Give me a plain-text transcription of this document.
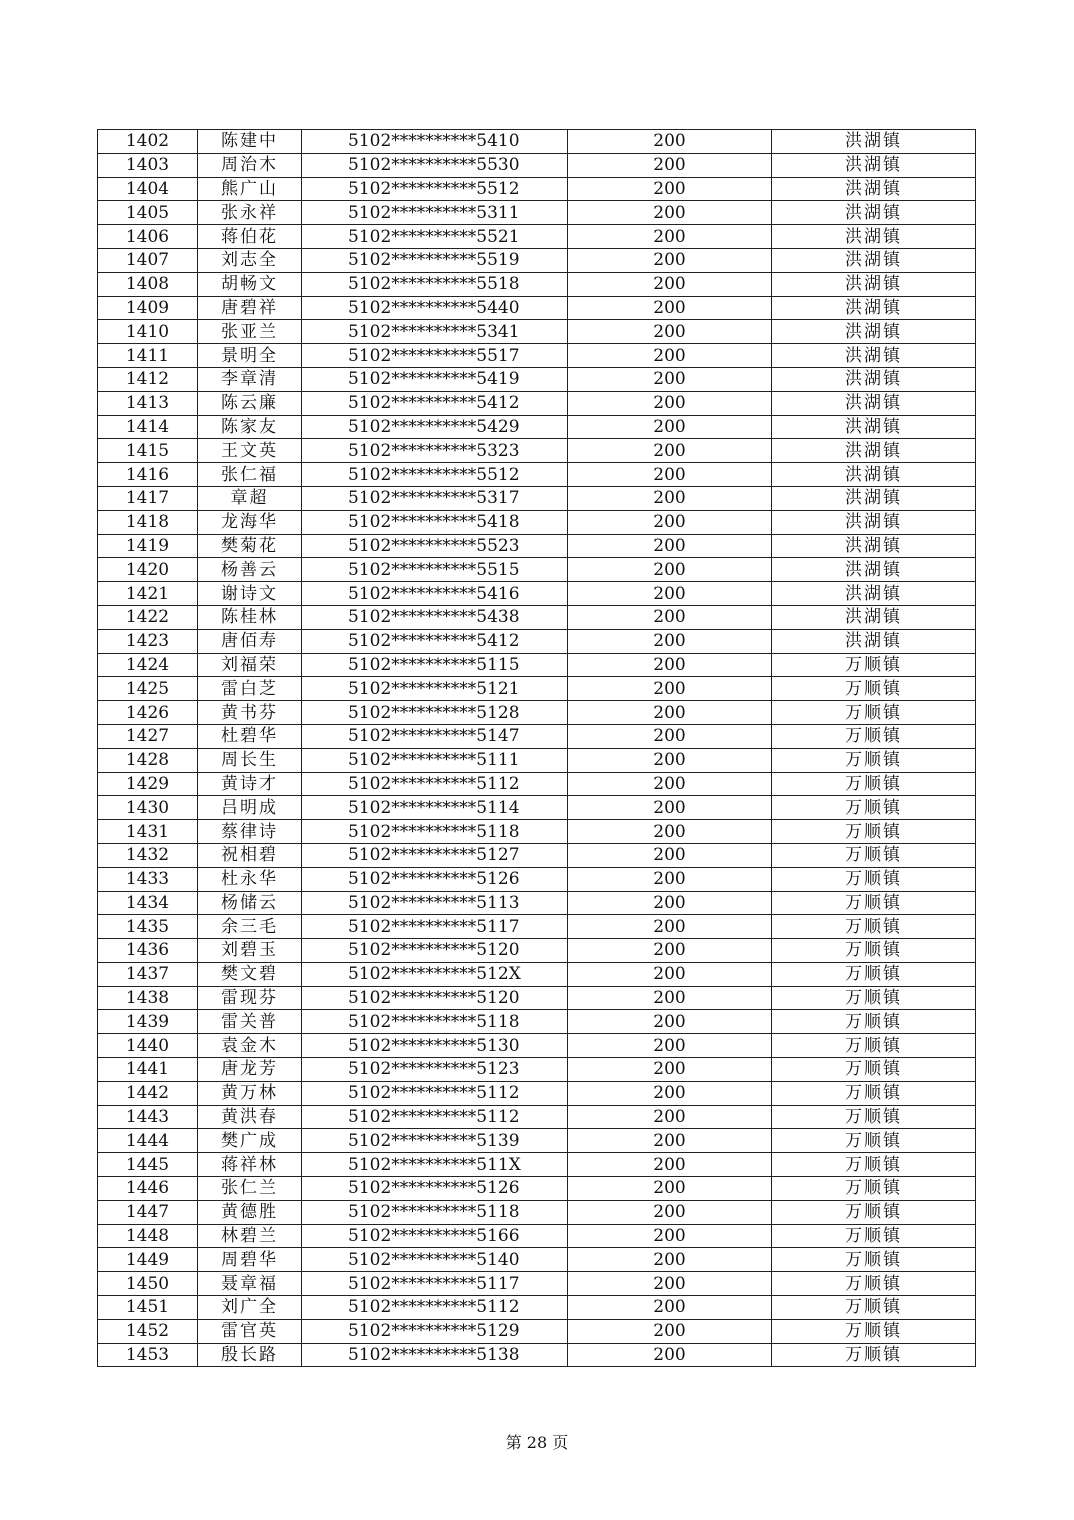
1402	陈建中	5102**********5410	200	洪湖镇
1403	周治木	5102**********5530	200	洪湖镇
1404	熊广山	5102**********5512	200	洪湖镇
1405	张永祥	5102**********5311	200	洪湖镇
1406	蒋伯花	5102**********5521	200	洪湖镇
1407	刘志全	5102**********5519	200	洪湖镇
1408	胡畅文	5102**********5518	200	洪湖镇
1409	唐碧祥	5102**********5440	200	洪湖镇
1410	张亚兰	5102**********5341	200	洪湖镇
1411	景明全	5102**********5517	200	洪湖镇
1412	李章清	5102**********5419	200	洪湖镇
1413	陈云廉	5102**********5412	200	洪湖镇
1414	陈家友	5102**********5429	200	洪湖镇
1415	王文英	5102**********5323	200	洪湖镇
1416	张仁福	5102**********5512	200	洪湖镇
1417	章超	5102**********5317	200	洪湖镇
1418	龙海华	5102**********5418	200	洪湖镇
1419	樊菊花	5102**********5523	200	洪湖镇
1420	杨善云	5102**********5515	200	洪湖镇
1421	谢诗文	5102**********5416	200	洪湖镇
1422	陈桂林	5102**********5438	200	洪湖镇
1423	唐佰寿	5102**********5412	200	洪湖镇
1424	刘福荣	5102**********5115	200	万顺镇
1425	雷白芝	5102**********5121	200	万顺镇
1426	黄书芬	5102**********5128	200	万顺镇
1427	杜碧华	5102**********5147	200	万顺镇
1428	周长生	5102**********5111	200	万顺镇
1429	黄诗才	5102**********5112	200	万顺镇
1430	吕明成	5102**********5114	200	万顺镇
1431	蔡律诗	5102**********5118	200	万顺镇
1432	祝相碧	5102**********5127	200	万顺镇
1433	杜永华	5102**********5126	200	万顺镇
1434	杨储云	5102**********5113	200	万顺镇
1435	余三毛	5102**********5117	200	万顺镇
1436	刘碧玉	5102**********5120	200	万顺镇
1437	樊文碧	5102**********512X	200	万顺镇
1438	雷现芬	5102**********5120	200	万顺镇
1439	雷关普	5102**********5118	200	万顺镇
1440	袁金木	5102**********5130	200	万顺镇
1441	唐龙芳	5102**********5123	200	万顺镇
1442	黄万林	5102**********5112	200	万顺镇
1443	黄洪春	5102**********5112	200	万顺镇
1444	樊广成	5102**********5139	200	万顺镇
1445	蒋祥林	5102**********511X	200	万顺镇
1446	张仁兰	5102**********5126	200	万顺镇
1447	黄德胜	5102**********5118	200	万顺镇
1448	林碧兰	5102**********5166	200	万顺镇
1449	周碧华	5102**********5140	200	万顺镇
1450	聂章福	5102**********5117	200	万顺镇
1451	刘广全	5102**********5112	200	万顺镇
1452	雷官英	5102**********5129	200	万顺镇
1453	殷长路	5102**********5138	200	万顺镇
第 28 页
